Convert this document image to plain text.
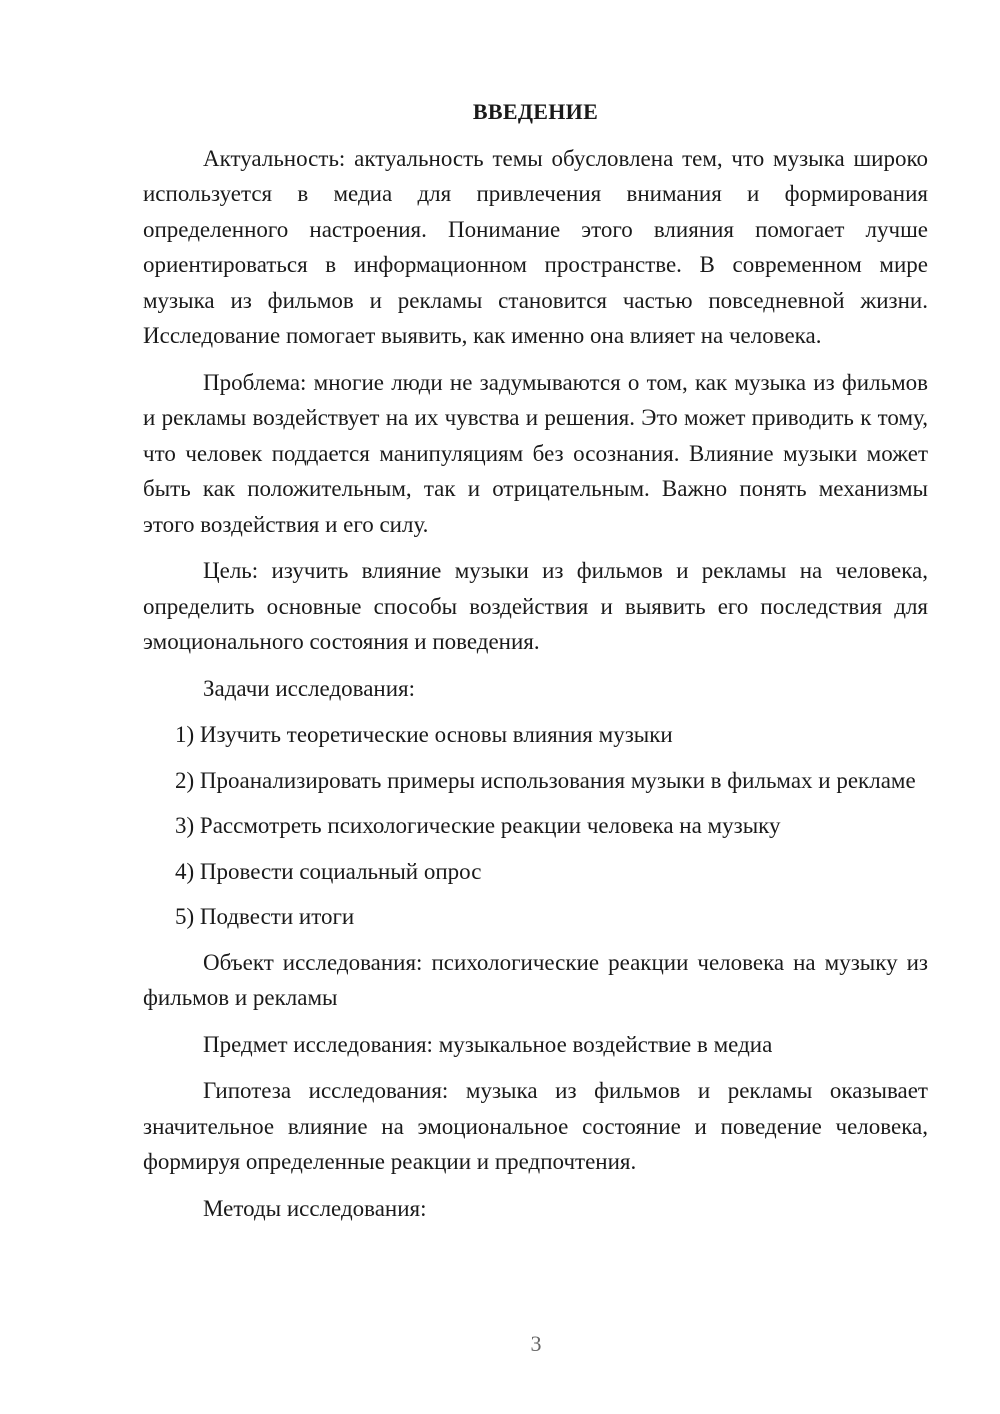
ВВЕДЕНИЕ

Актуальность: актуальность темы обусловлена тем, что музыка широко используется в медиа для привлечения внимания и формирования определенного настроения. Понимание этого влияния помогает лучше ориентироваться в информационном пространстве. В современном мире музыка из фильмов и рекламы становится частью повседневной жизни. Исследование помогает выявить, как именно она влияет на человека.

Проблема: многие люди не задумываются о том, как музыка из фильмов и рекламы воздействует на их чувства и решения. Это может приводить к тому, что человек поддается манипуляциям без осознания. Влияние музыки может быть как положительным, так и отрицательным. Важно понять механизмы этого воздействия и его силу.

Цель: изучить влияние музыки из фильмов и рекламы на человека, определить основные способы воздействия и выявить его последствия для эмоционального состояния и поведения.

Задачи исследования:

1) Изучить теоретические основы влияния музыки

2) Проанализировать примеры использования музыки в фильмах и рекламе

3) Рассмотреть психологические реакции человека на музыку

4) Провести социальный опрос

5) Подвести итоги

Объект исследования: психологические реакции человека на музыку из фильмов и рекламы

Предмет исследования: музыкальное воздействие в медиа

Гипотеза исследования: музыка из фильмов и рекламы оказывает значительное влияние на эмоциональное состояние и поведение человека, формируя определенные реакции и предпочтения.

Методы исследования:

3
